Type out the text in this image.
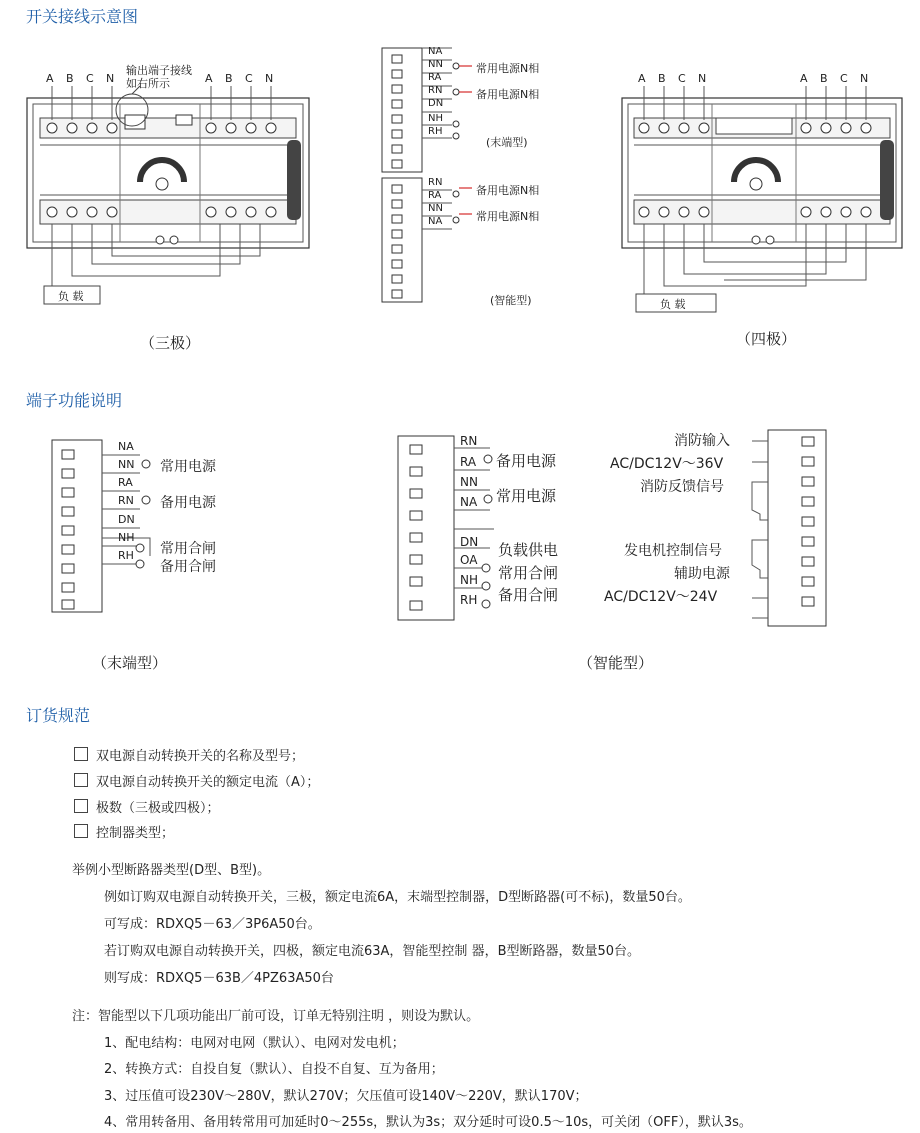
开关接线示意图
端子功能说明
订货规范
A B C N	A B C N
输出端子接线
如右所示
负 载
（三极）
NA
NN
RA
RN
DN
NH
RH
常用电源N相
备用电源N相
(末端型)
RN
RA
NN
NA
备用电源N相
常用电源N相
(智能型)
A B C N	A B C N
负 载
（四极）
NA
NN
RA
RN
DN
NH
RH
常用电源
备用电源
常用合闸
备用合闸
（末端型）
RN
RA
NN
NA
DN
OA
NH
RH
备用电源
常用电源
负载供电
常用合闸
备用合闸
消防输入
AC/DC12V～36V
消防反馈信号
发电机控制信号
辅助电源
AC/DC12V～24V
（智能型）
双电源自动转换开关的名称及型号；
双电源自动转换开关的额定电流（A）；
极数（三极或四极）；
控制器类型；
举例小型断路器类型(D型、B型)。
例如订购双电源自动转换开关，三极，额定电流6A，末端型控制器，D型断路器(可不标)，数量50台。
可写成：RDXQ5－63／3P6A50台。
若订购双电源自动转换开关，四极，额定电流63A，智能型控制 器，B型断路器，数量50台。
则写成：RDXQ5－63B／4PZ63A50台
注：智能型以下几项功能出厂前可设，订单无特别注明 ，则设为默认。
1、配电结构：电网对电网（默认）、电网对发电机；
2、转换方式：自投自复（默认）、自投不自复、互为备用；
3、过压值可设230V～280V，默认270V；欠压值可设140V～220V，默认170V；
4、常用转备用、备用转常用可加延时0～255s，默认为3s；双分延时可设0.5～10s，可关闭（OFF），默认3s。
